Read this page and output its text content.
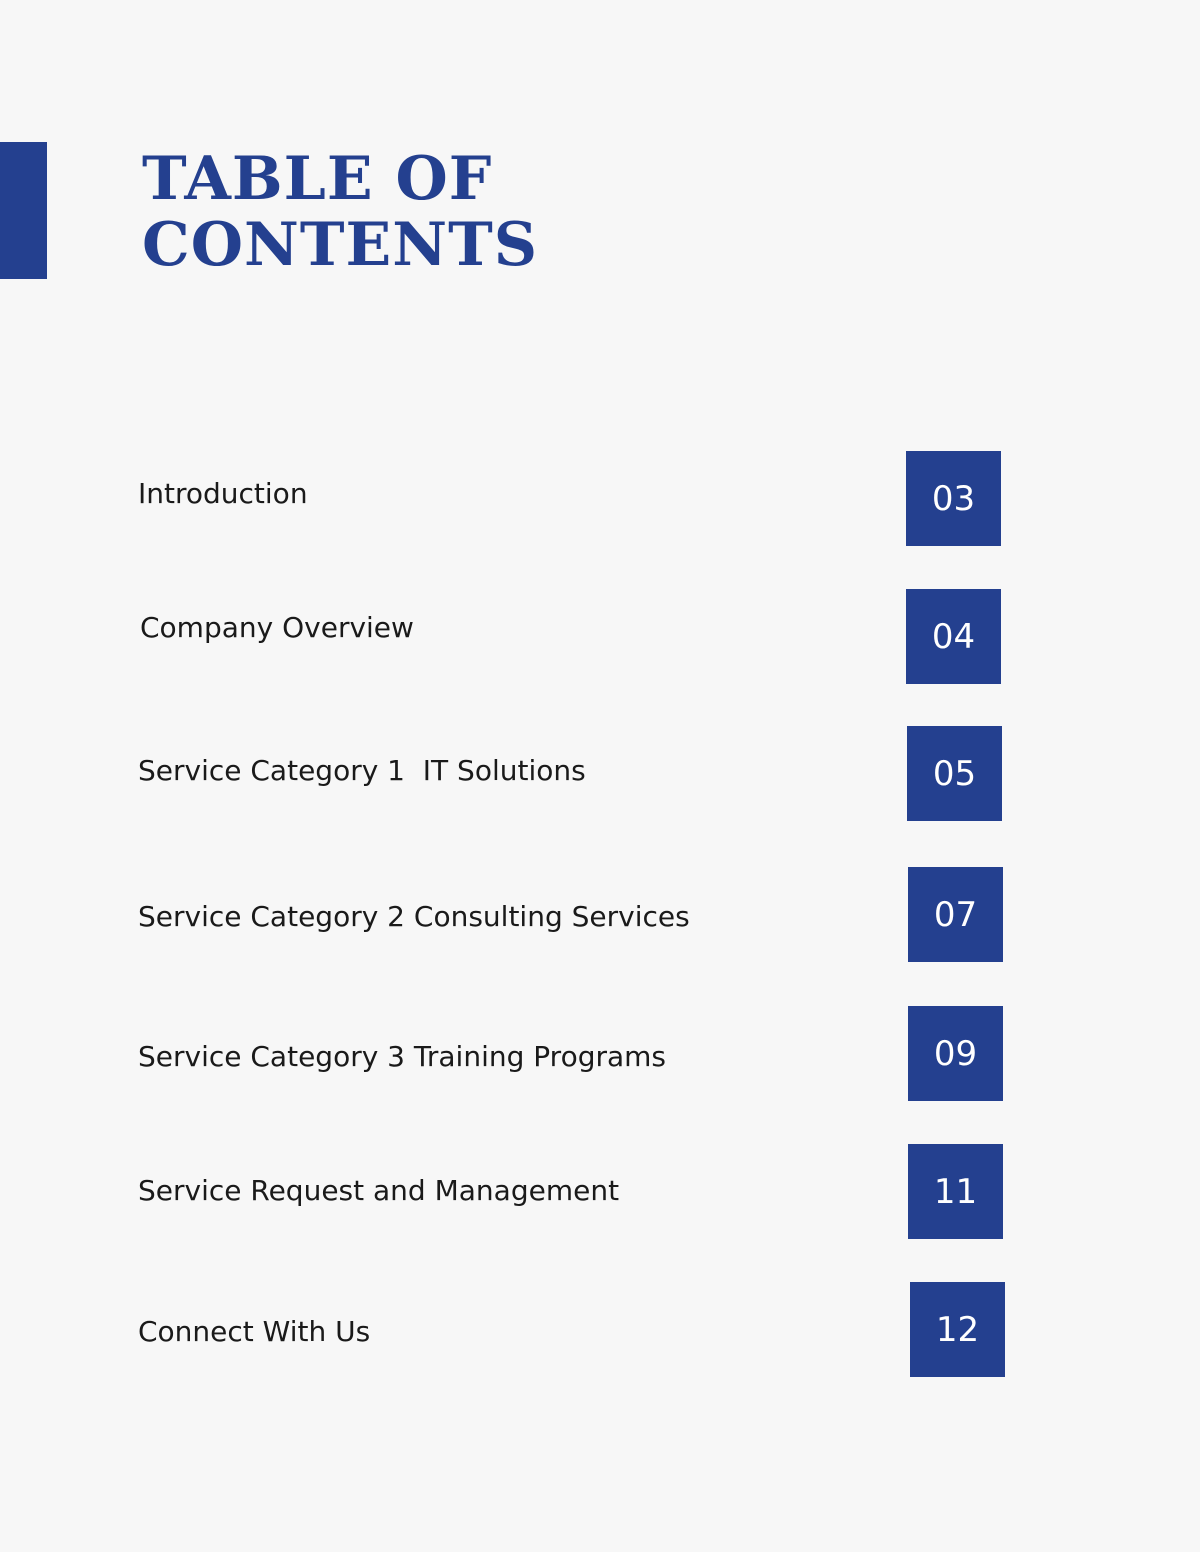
TABLE OF
CONTENTS
Introduction	03
Company Overview	04
Service Category 1  IT Solutions	05
Service Category 2 Consulting Services	07
Service Category 3 Training Programs	09
Service Request and Management	11
Connect With Us	12
